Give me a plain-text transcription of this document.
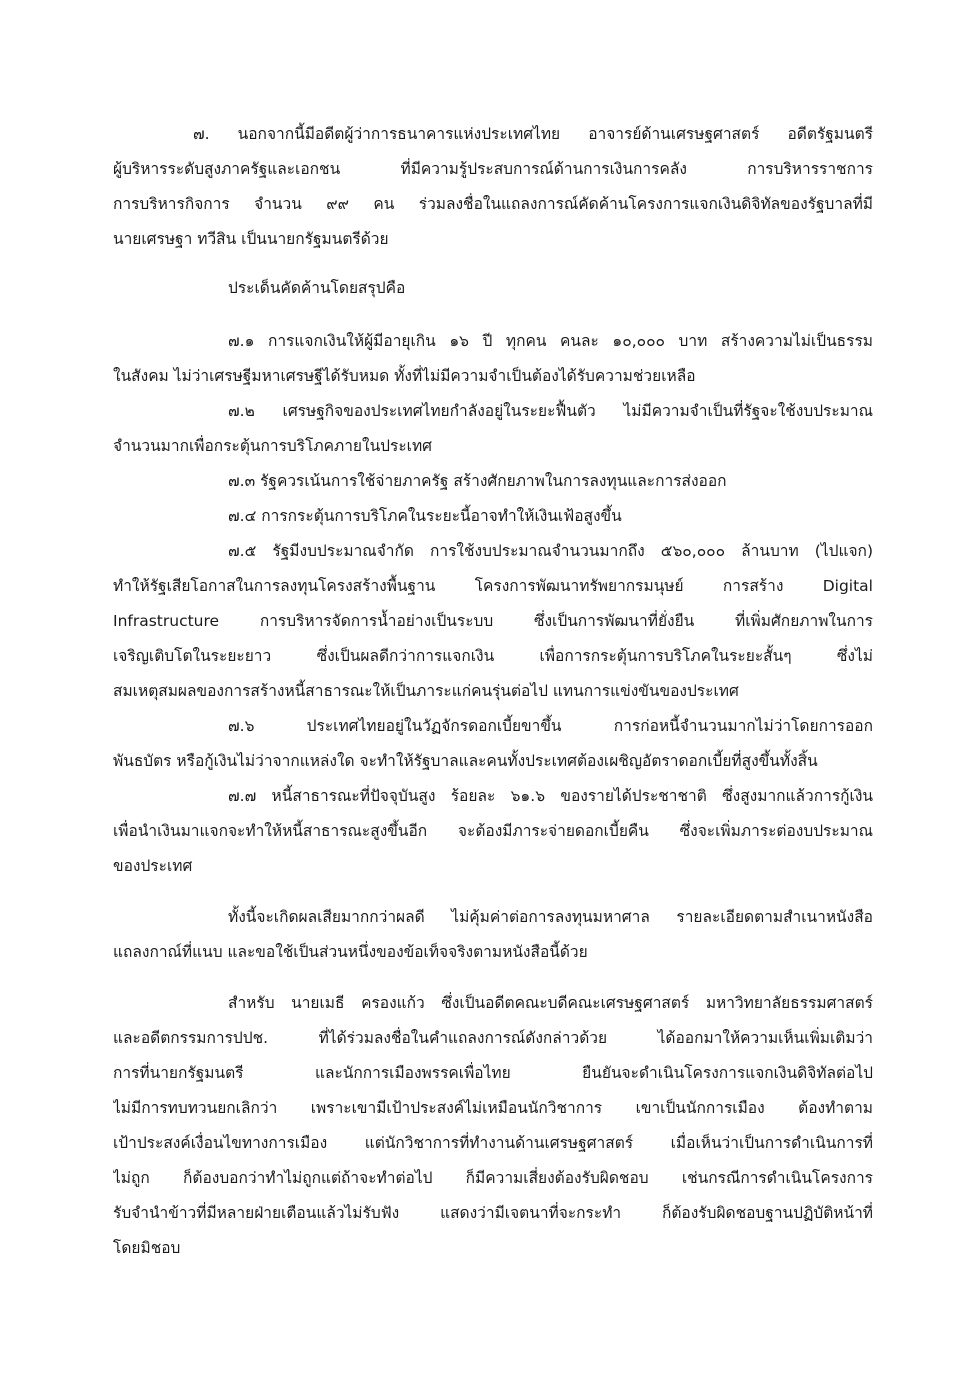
๗. นอกจากนี้มีอดีตผู้ว่าการธนาคารแห่งประเทศไทย อาจารย์ด้านเศรษฐศาสตร์ อดีตรัฐมนตรี
ผู้บริหารระดับสูงภาครัฐและเอกชน ที่มีความรู้ประสบการณ์ด้านการเงินการคลัง การบริหารราชการ
การบริหารกิจการ จำนวน ๙๙ คน ร่วมลงชื่อในแถลงการณ์คัดค้านโครงการแจกเงินดิจิทัลของรัฐบาลที่มี
นายเศรษฐา ทวีสิน เป็นนายกรัฐมนตรีด้วย
ประเด็นคัดค้านโดยสรุปคือ
๗.๑ การแจกเงินให้ผู้มีอายุเกิน ๑๖ ปี ทุกคน คนละ ๑๐,๐๐๐ บาท สร้างความไม่เป็นธรรม
ในสังคม ไม่ว่าเศรษฐีมหาเศรษฐีได้รับหมด ทั้งที่ไม่มีความจำเป็นต้องได้รับความช่วยเหลือ
๗.๒ เศรษฐกิจของประเทศไทยกำลังอยู่ในระยะฟื้นตัว ไม่มีความจำเป็นที่รัฐจะใช้งบประมาณ
จำนวนมากเพื่อกระตุ้นการบริโภคภายในประเทศ
๗.๓ รัฐควรเน้นการใช้จ่ายภาครัฐ สร้างศักยภาพในการลงทุนและการส่งออก
๗.๔ การกระตุ้นการบริโภคในระยะนี้อาจทำให้เงินเฟ้อสูงขึ้น
๗.๕ รัฐมีงบประมาณจำกัด การใช้งบประมาณจำนวนมากถึง ๕๖๐,๐๐๐ ล้านบาท (ไปแจก)
ทำให้รัฐเสียโอกาสในการลงทุนโครงสร้างพื้นฐาน โครงการพัฒนาทรัพยากรมนุษย์ การสร้าง Digital
Infrastructure การบริหารจัดการน้ำอย่างเป็นระบบ ซึ่งเป็นการพัฒนาที่ยั่งยืน ที่เพิ่มศักยภาพในการ
เจริญเติบโตในระยะยาว ซึ่งเป็นผลดีกว่าการแจกเงิน เพื่อการกระตุ้นการบริโภคในระยะสั้นๆ ซึ่งไม่
สมเหตุสมผลของการสร้างหนี้สาธารณะให้เป็นภาระแก่คนรุ่นต่อไป แทนการแข่งขันของประเทศ
๗.๖ ประเทศไทยอยู่ในวัฏจักรดอกเบี้ยขาขึ้น การก่อหนี้จำนวนมากไม่ว่าโดยการออก
พันธบัตร หรือกู้เงินไม่ว่าจากแหล่งใด จะทำให้รัฐบาลและคนทั้งประเทศต้องเผชิญอัตราดอกเบี้ยที่สูงขึ้นทั้งสิ้น
๗.๗ หนี้สาธารณะที่ปัจจุบันสูง ร้อยละ ๖๑.๖ ของรายได้ประชาชาติ ซึ่งสูงมากแล้วการกู้เงิน
เพื่อนำเงินมาแจกจะทำให้หนี้สาธารณะสูงขึ้นอีก จะต้องมีภาระจ่ายดอกเบี้ยคืน ซึ่งจะเพิ่มภาระต่องบประมาณ
ของประเทศ
ทั้งนี้จะเกิดผลเสียมากกว่าผลดี ไม่คุ้มค่าต่อการลงทุนมหาศาล รายละเอียดตามสำเนาหนังสือ
แถลงกาณ์ที่แนบ และขอใช้เป็นส่วนหนึ่งของข้อเท็จจริงตามหนังสือนี้ด้วย
สำหรับ นายเมธี ครองแก้ว ซึ่งเป็นอดีตคณะบดีคณะเศรษฐศาสตร์ มหาวิทยาลัยธรรมศาสตร์
และอดีตกรรมการปปช. ที่ได้ร่วมลงชื่อในคำแถลงการณ์ดังกล่าวด้วย ได้ออกมาให้ความเห็นเพิ่มเติมว่า
การที่นายกรัฐมนตรี และนักการเมืองพรรคเพื่อไทย ยืนยันจะดำเนินโครงการแจกเงินดิจิทัลต่อไป
ไม่มีการทบทวนยกเลิกว่า เพราะเขามีเป้าประสงค์ไม่เหมือนนักวิชาการ เขาเป็นนักการเมือง ต้องทำตาม
เป้าประสงค์เงื่อนไขทางการเมือง แต่นักวิชาการที่ทำงานด้านเศรษฐศาสตร์ เมื่อเห็นว่าเป็นการดำเนินการที่
ไม่ถูก ก็ต้องบอกว่าทำไม่ถูกแต่ถ้าจะทำต่อไป ก็มีความเสี่ยงต้องรับผิดชอบ เช่นกรณีการดำเนินโครงการ
รับจำนำข้าวที่มีหลายฝ่ายเตือนแล้วไม่รับฟัง แสดงว่ามีเจตนาที่จะกระทำ ก็ต้องรับผิดชอบฐานปฏิบัติหน้าที่
โดยมิชอบ
